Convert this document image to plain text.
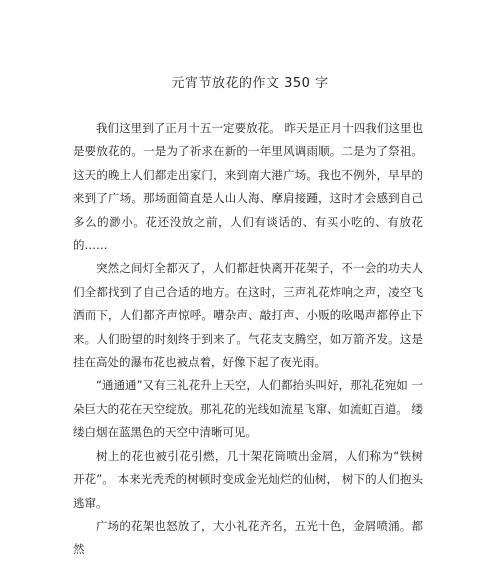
元宵节放花的作文 350 字

我们这里到了正月十五一定要放花。 昨天是正月十四我们这里也 是要放花的。一是为了祈求在新的一年里风调雨顺。二是为了祭祖。 这天的晚上人们都走出家门，来到南大港广场。我也不例外，早早的 来到了广场。那场面简直是人山人海、摩肩接踵，这时才会感到自己 多么的渺小。花还没放之前，人们有谈话的、有买小吃的、有放花 的……

突然之间灯全都灭了，人们都赶快离开花架子，不一会的功夫人 们全都找到了自己合适的地方。在这时，三声礼花炸响之声，凌空飞 洒而下，人们都齐声惊呼。嘈杂声、敲打声、小贩的吆喝声都停止下 来。人们盼望的时刻终于到来了。气花支支腾空，如万箭齐发。这是 挂在高处的瀑布花也被点着，好像下起了夜光雨。

“通通通”又有三礼花升上天空，人们都抬头叫好，那礼花宛如 一朵巨大的花在天空绽放。那礼花的光线如流星飞窜、如流虹百道。 缕缕白烟在蓝黑色的天空中清晰可见。

树上的花也被引花引燃，几十架花筒喷出金屑，人们称为“铁树 开花”。 本来光秃秃的树顿时变成金光灿烂的仙树， 树下的人们抱头 逃窜。

广场的花架也怒放了，大小礼花齐名，五光十色，金屑喷涌。都 然
